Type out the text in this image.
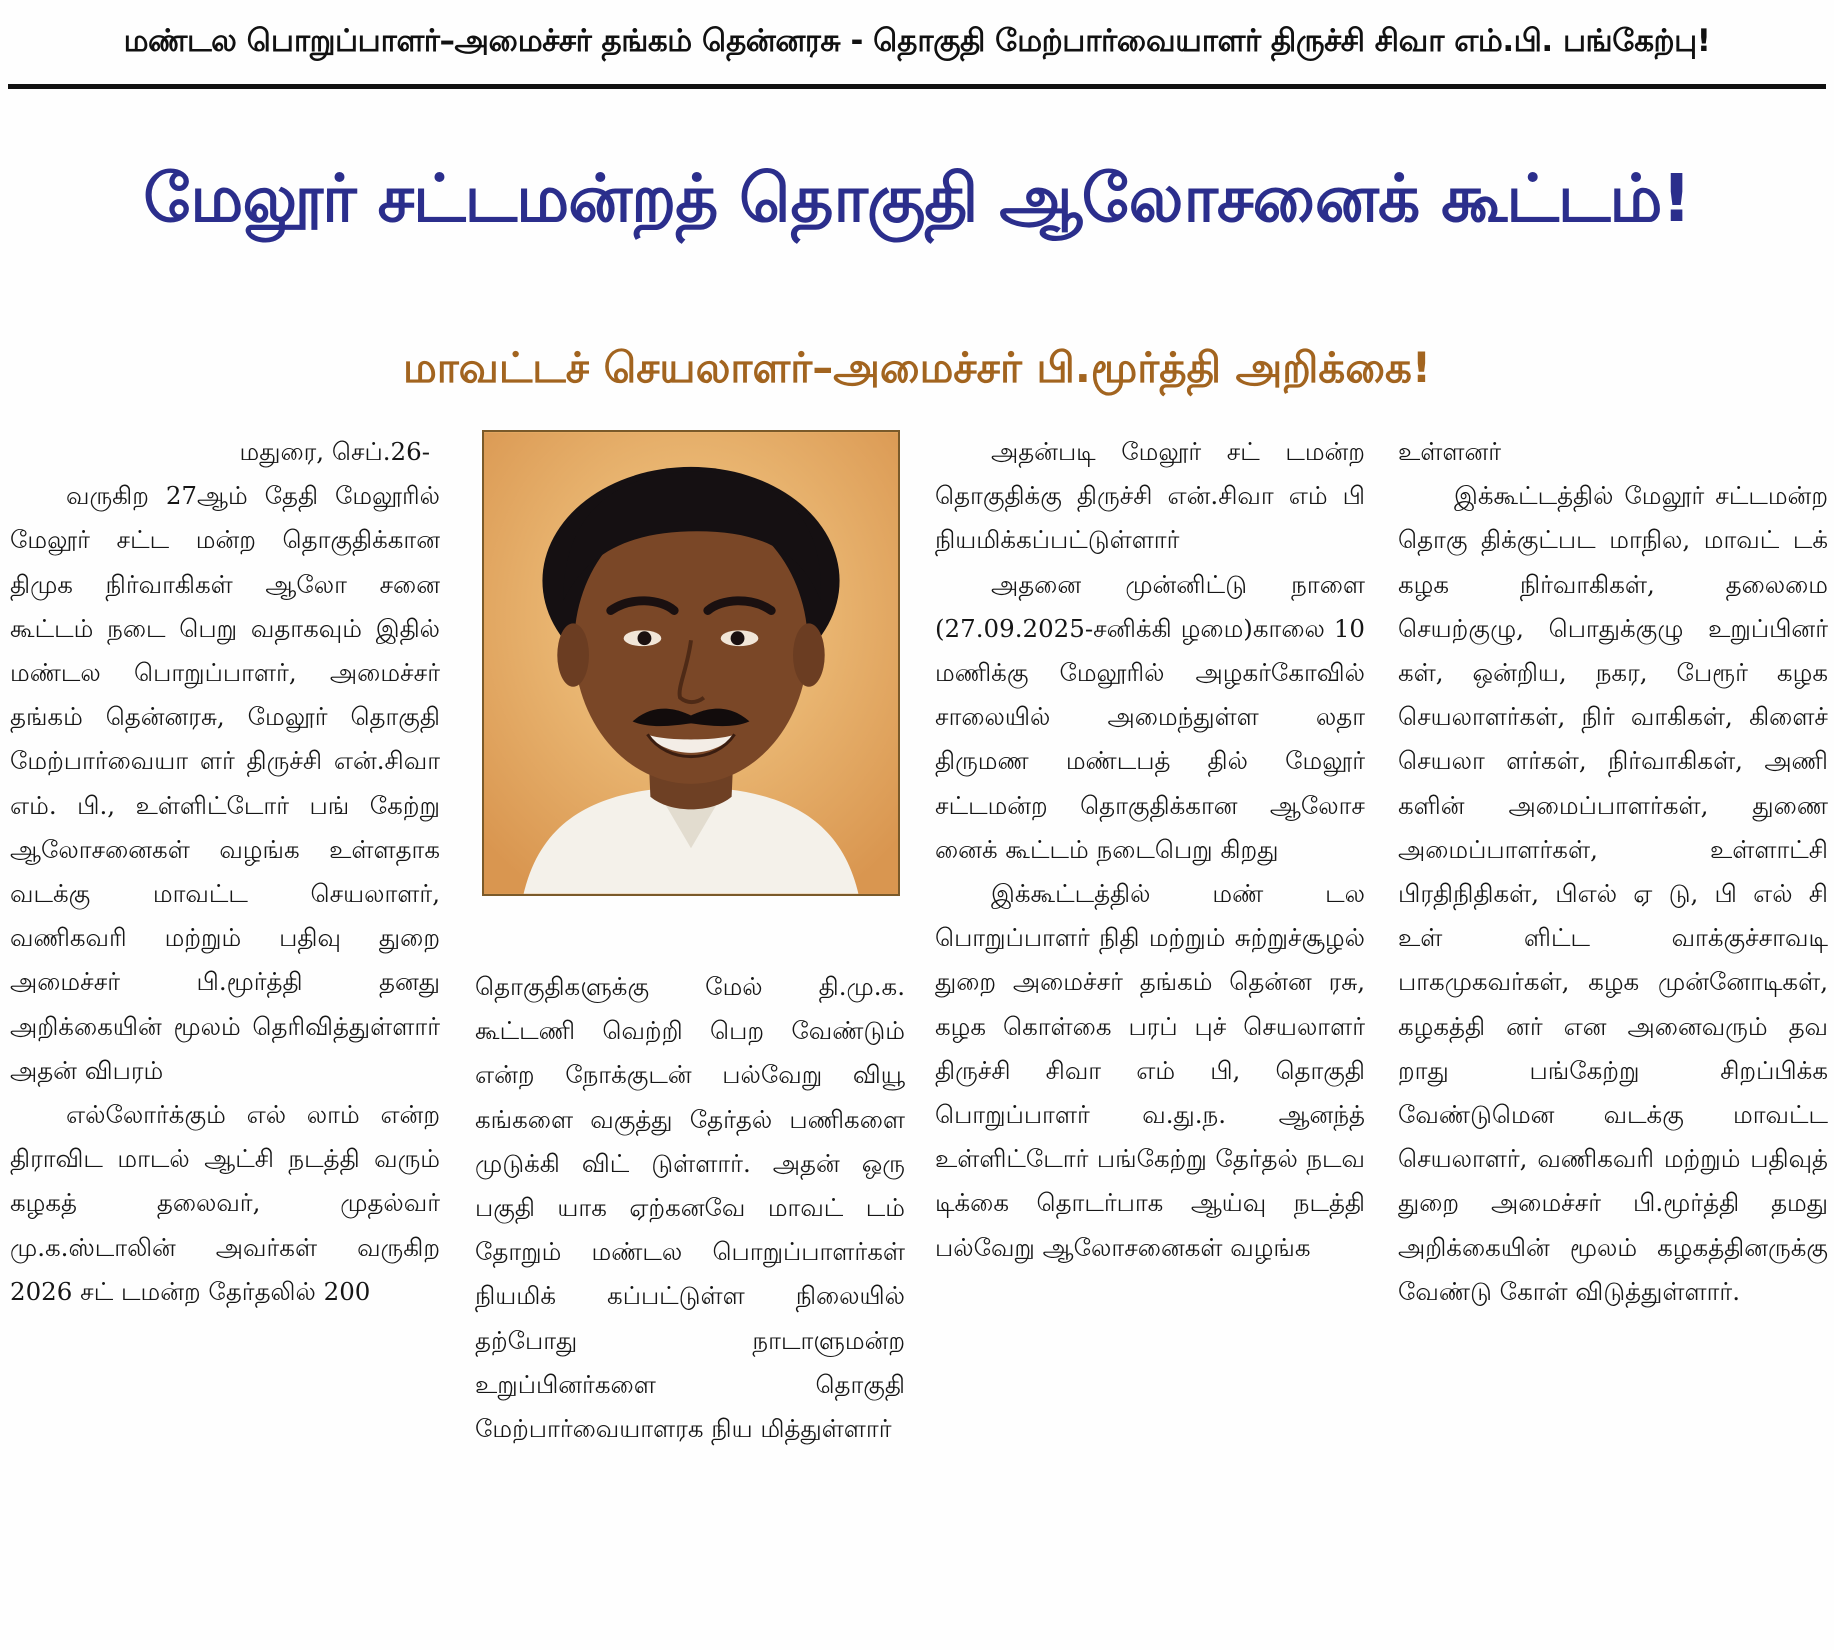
மண்டல பொறுப்பாளர்–அமைச்சர் தங்கம் தென்னரசு - தொகுதி மேற்பார்வையாளர் திருச்சி சிவா எம்.பி. பங்கேற்பு!
மேலூர் சட்டமன்றத் தொகுதி ஆலோசனைக் கூட்டம்!
மாவட்டச் செயலாளர்–அமைச்சர் பி.மூர்த்தி அறிக்கை!

மதுரை, செப்.26-

வருகிற 27ஆம் தேதி மேலூரில் மேலூர் சட்ட மன்ற தொகுதிக்கான திமுக நிர்வாகிகள் ஆலோ சனை கூட்டம் நடை பெறு வதாகவும் இதில் மண்டல பொறுப்பாளர், அமைச்சர் தங்கம் தென்னரசு, மேலூர் தொகுதி மேற்பார்வையா ளர் திருச்சி என்.சிவா எம். பி., உள்ளிட்டோர் பங் கேற்று ஆலோசனைகள் வழங்க உள்ளதாக வடக்கு மாவட்ட செயலாளர், வணிகவரி மற்றும் பதிவு துறை அமைச்சர் பி.மூர்த்தி தனது அறிக்கையின் மூலம் தெரிவித்துள்ளார் அதன் விபரம்

எல்லோர்க்கும் எல் லாம் என்ற திராவிட மாடல் ஆட்சி நடத்தி வரும் கழகத் தலைவர், முதல்வர் மு.க.ஸ்டாலின் அவர்கள் வருகிற 2026 சட் டமன்ற தேர்தலில் 200

தொகுதிகளுக்கு மேல் தி.மு.க. கூட்டணி வெற்றி பெற வேண்டும் என்ற நோக்குடன் பல்வேறு வியூ கங்களை வகுத்து தேர்தல் பணிகளை முடுக்கி விட் டுள்ளார். அதன் ஒரு பகுதி யாக ஏற்கனவே மாவட் டம் தோறும் மண்டல பொறுப்பாளர்கள் நியமிக் கப்பட்டுள்ள நிலையில் தற்போது நாடாளுமன்ற உறுப்பினர்களை தொகுதி மேற்பார்வையாளரக நிய மித்துள்ளார்

அதன்படி மேலூர் சட் டமன்ற தொகுதிக்கு திருச்சி என்.சிவா எம் பி நியமிக்கப்பட்டுள்ளார்

அதனை முன்னிட்டு நாளை (27.09.2025-சனிக்கி ழமை)காலை 10 மணிக்கு மேலூரில் அழகர்கோவில் சாலையில் அமைந்துள்ள லதா திருமண மண்டபத் தில் மேலூர் சட்டமன்ற தொகுதிக்கான ஆலோச னைக் கூட்டம் நடைபெறு கிறது

இக்கூட்டத்தில் மண் டல பொறுப்பாளர் நிதி மற்றும் சுற்றுச்சூழல் துறை அமைச்சர் தங்கம் தென்ன ரசு, கழக கொள்கை பரப் புச் செயலாளர் திருச்சி சிவா எம் பி, தொகுதி பொறுப்பாளர் வ.து.ந. ஆனந்த் உள்ளிட்டோர் பங்கேற்று தேர்தல் நடவ டிக்கை தொடர்பாக ஆய்வு நடத்தி பல்வேறு ஆலோசனைகள் வழங்க

உள்ளனர்

இக்கூட்டத்தில் மேலூர் சட்டமன்ற தொகு திக்குட்பட மாநில, மாவட் டக் கழக நிர்வாகிகள், தலைமை செயற்குழு, பொதுக்குழு உறுப்பினர் கள், ஒன்றிய, நகர, பேரூர் கழக செயலாளர்கள், நிர் வாகிகள், கிளைச் செயலா ளர்கள், நிர்வாகிகள், அணி களின் அமைப்பாளர்கள், துணை அமைப்பாளர்கள், உள்ளாட்சி பிரதிநிதிகள், பிஎல் ஏ டு, பி எல் சி உள் ளிட்ட வாக்குச்சாவடி பாகமுகவர்கள், கழக முன்னோடிகள், கழகத்தி னர் என அனைவரும் தவ றாது பங்கேற்று சிறப்பிக்க வேண்டுமென வடக்கு மாவட்ட செயலாளர், வணிகவரி மற்றும் பதிவுத் துறை அமைச்சர் பி.மூர்த்தி தமது அறிக்கையின் மூலம் கழகத்தினருக்கு வேண்டு கோள் விடுத்துள்ளார்.
